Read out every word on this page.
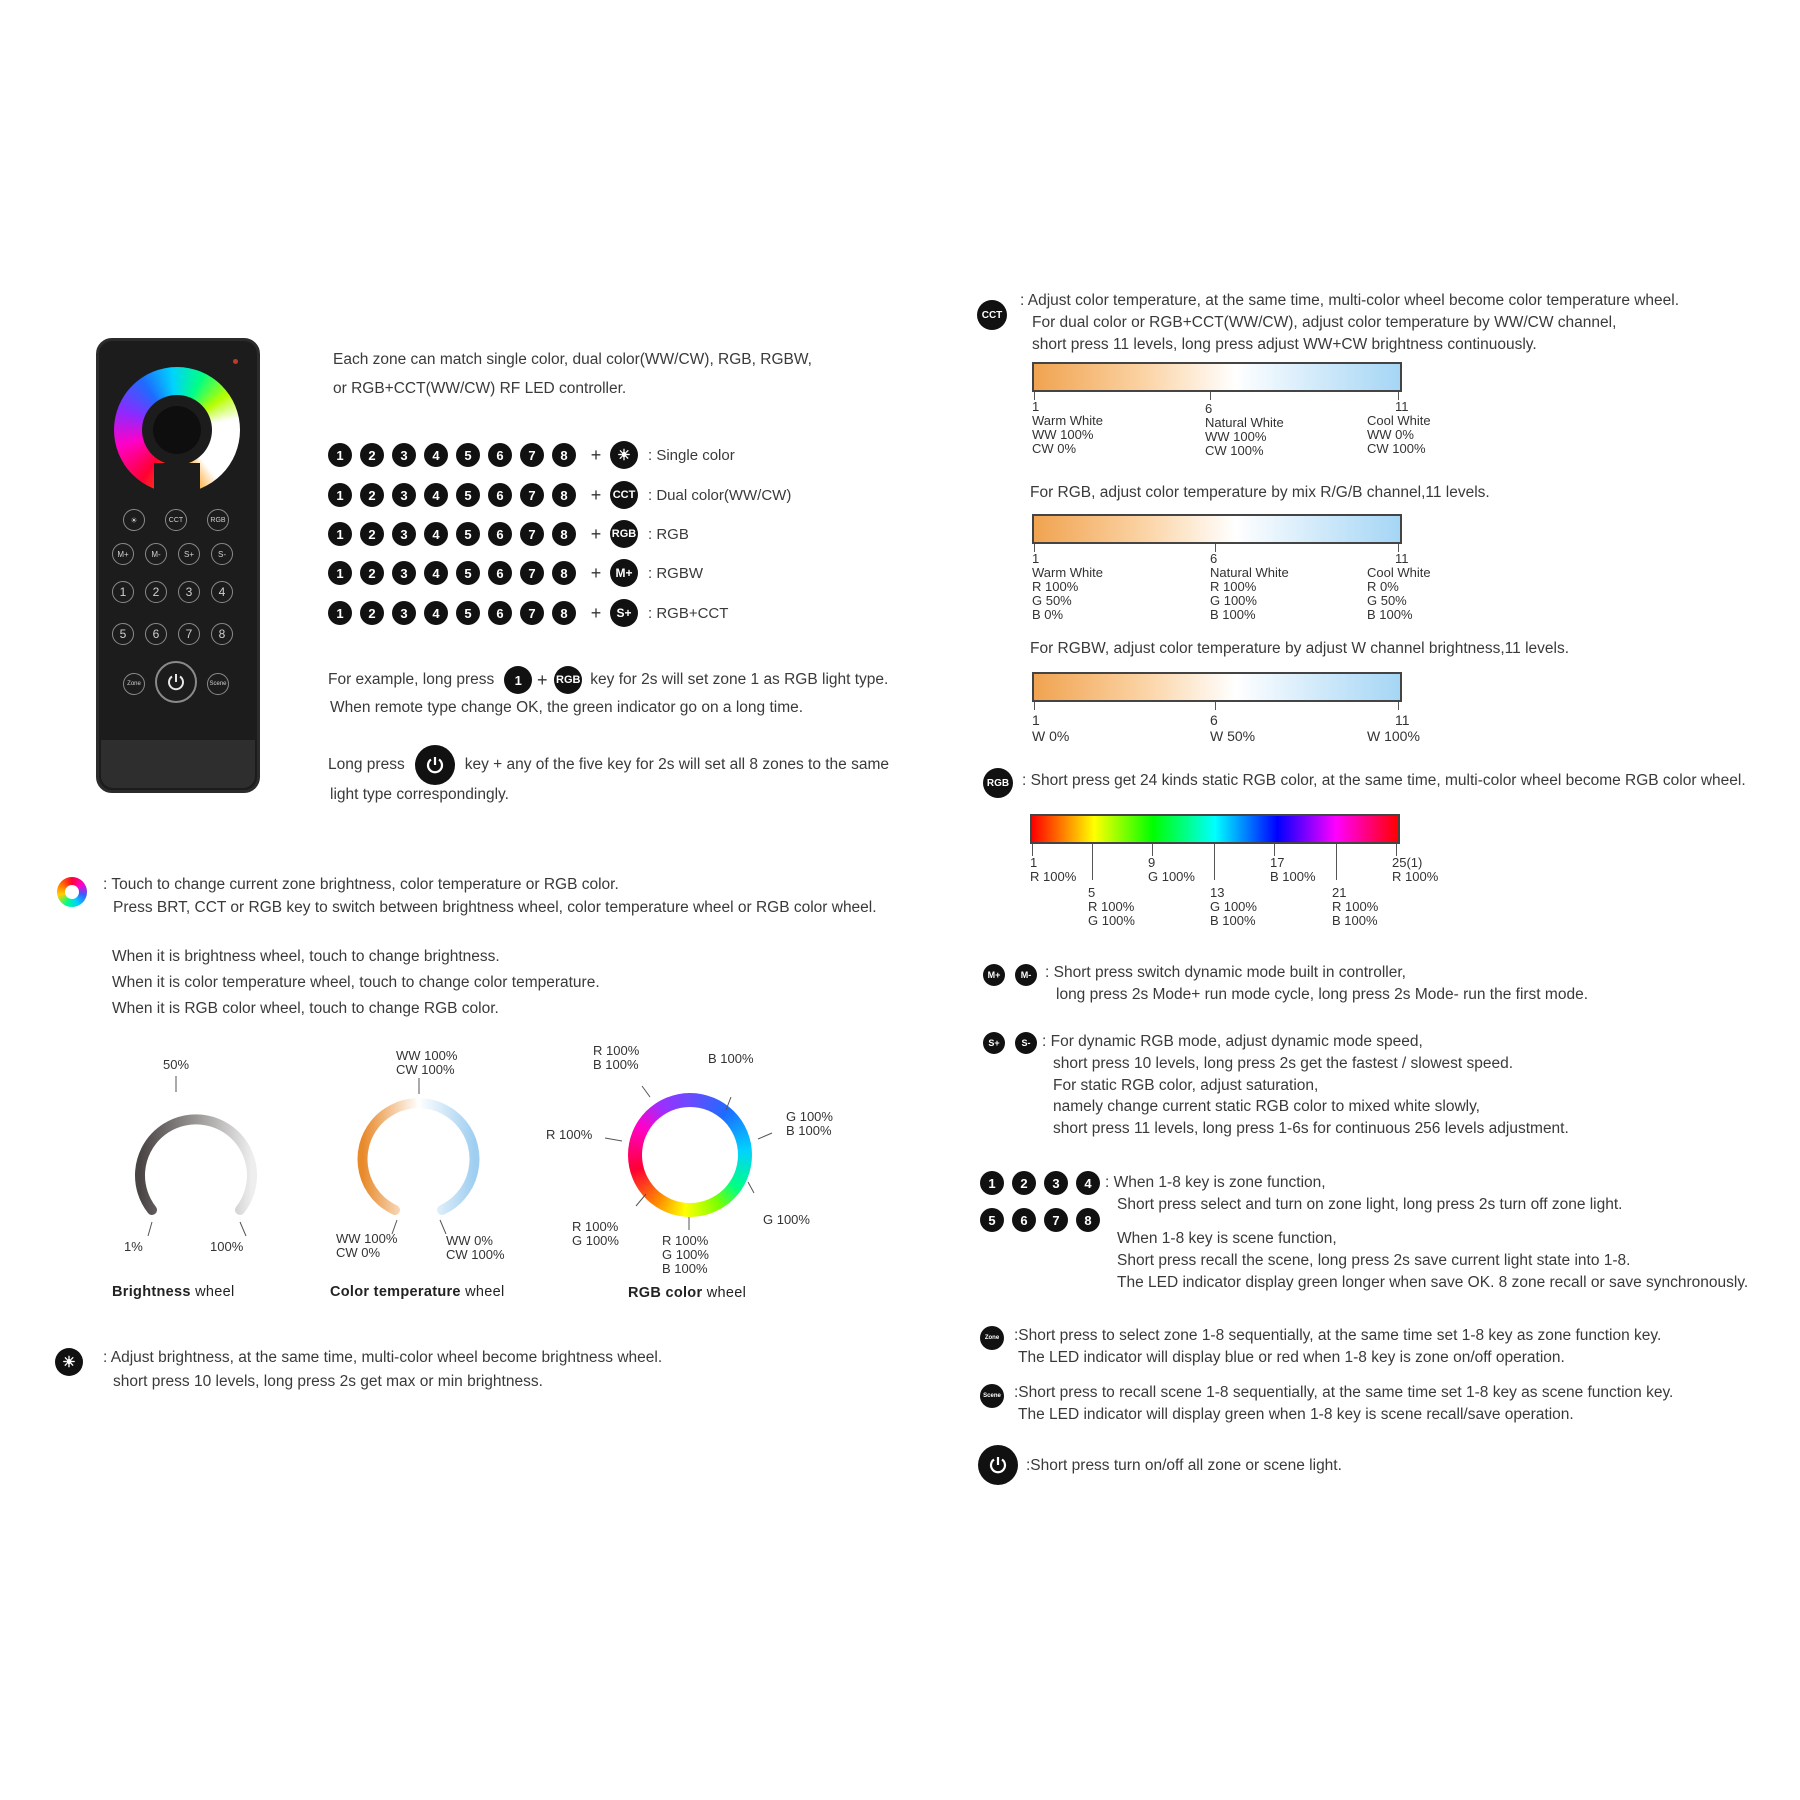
☀	CCT	RGB
M+	M-	S+	S-
1	2	3	4
5	6	7	8
Zone	Scene
Each zone can match single color, dual color(WW/CW), RGB, RGBW,
or RGB+CCT(WW/CW) RF LED controller.
1	2	3	4	5	6	7	8	+	☀	: Single color
1	2	3	4	5	6	7	8	+	CCT : Dual color(WW/CW)
1	2	3	4	5	6	7	8	+ RGB : RGB
1	2	3	4	5	6	7	8	+	M+	: RGBW
1	2	3	4	5	6	7	8	+	S+	: RGB+CCT
For example, long press	1 + RGB key for 2s will set zone 1 as RGB light type.
When remote type change OK, the green indicator go on a long time.
Long press	key + any of the five key for 2s will set all 8 zones to the same
light type correspondingly.
: Touch to change current zone brightness, color temperature or RGB color.
Press BRT, CCT or RGB key to switch between brightness wheel, color temperature wheel or RGB color wheel.
When it is brightness wheel, touch to change brightness.
When it is color temperature wheel, touch to change color temperature.
When it is RGB color wheel, touch to change RGB color.
50%
1%	100%
Brightness wheel
WW 100%
CW 100%
WW 100%
CW 0%
WW 0%
CW 100%
Color temperature wheel
R 100%
B 100%	B 100%
R 100%
G 100%
B 100%
R 100%
G 100%
G 100%
R 100%
G 100%
B 100%
RGB color wheel
☀	: Adjust brightness, at the same time, multi-color wheel become brightness wheel.
short press 10 levels, long press 2s get max or min brightness.
CCT
: Adjust color temperature, at the same time, multi-color wheel become color temperature wheel.
For dual color or RGB+CCT(WW/CW), adjust color temperature by WW/CW channel,
short press 11 levels, long press adjust WW+CW brightness continuously.
1
Warm White
WW 100%
CW 0%
6
Natural White
WW 100%
CW 100%
11
Cool White
WW 0%
CW 100%
For RGB, adjust color temperature by mix R/G/B channel,11 levels.
1
Warm White
R 100%
G 50%
B 0%
6
Natural White
R 100%
G 100%
B 100%
11
Cool White
R 0%
G 50%
B 100%
For RGBW, adjust color temperature by adjust W channel brightness,11 levels.
1
W 0%
6
W 50%
11
W 100%
RGB : Short press get 24 kinds static RGB color, at the same time, multi-color wheel become RGB color wheel.
1
R 100%
9
G 100%
17
B 100%
25(1)
R 100%
5
R 100%
G 100%
13
G 100%
B 100%
21
R 100%
B 100%
M+	M- : Short press switch dynamic mode built in controller,
long press 2s Mode+ run mode cycle, long press 2s Mode- run the first mode.
S+	S- : For dynamic RGB mode, adjust dynamic mode speed,
short press 10 levels, long press 2s get the fastest / slowest speed.
For static RGB color, adjust saturation,
namely change current static RGB color to mixed white slowly,
short press 11 levels, long press 1-6s for continuous 256 levels adjustment.
1	2	3	4
5	6	7	8
: When 1-8 key is zone function,
Short press select and turn on zone light, long press 2s turn off zone light.
When 1-8 key is scene function,
Short press recall the scene, long press 2s save current light state into 1-8.
The LED indicator display green longer when save OK. 8 zone recall or save synchronously.
Zone :Short press to select zone 1-8 sequentially, at the same time set 1-8 key as zone function key.
The LED indicator will display blue or red when 1-8 key is zone on/off operation.
Scene :Short press to recall scene 1-8 sequentially, at the same time set 1-8 key as scene function key.
The LED indicator will display green when 1-8 key is scene recall/save operation.
:Short press turn on/off all zone or scene light.
